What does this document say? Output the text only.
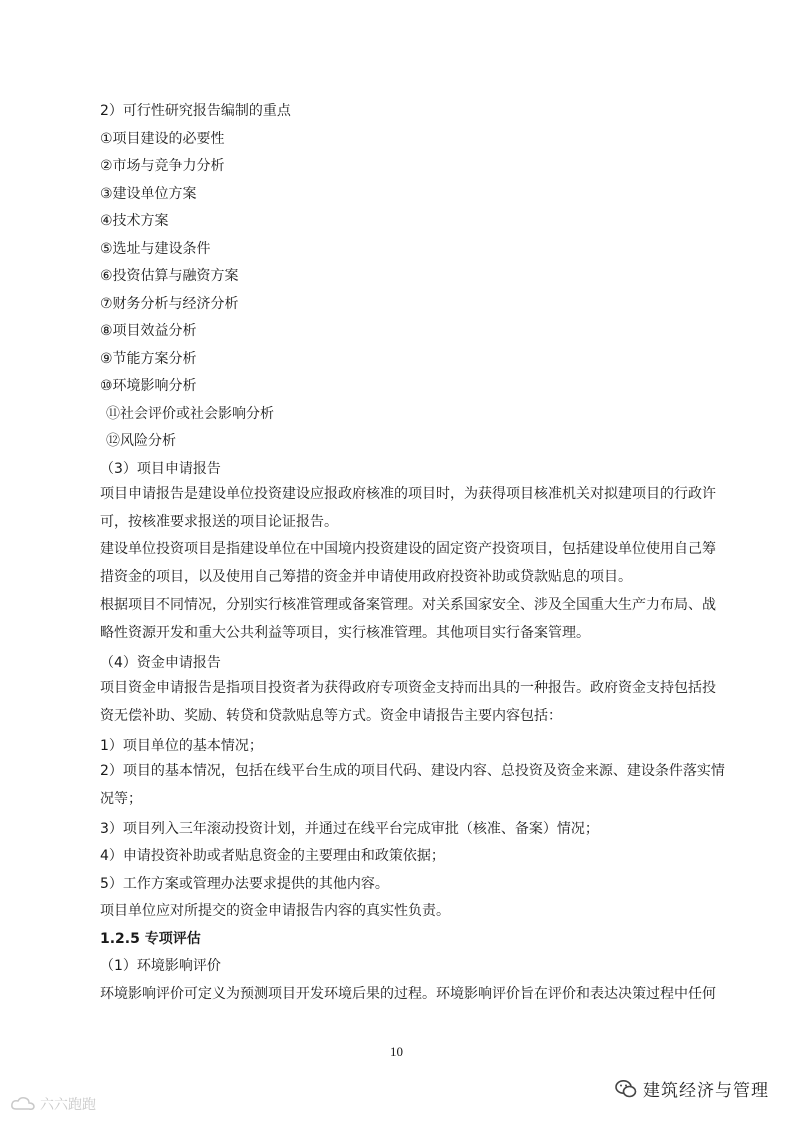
2）可行性研究报告编制的重点

①项目建设的必要性

②市场与竞争力分析

③建设单位方案

④技术方案

⑤选址与建设条件

⑥投资估算与融资方案

⑦财务分析与经济分析

⑧项目效益分析

⑨节能方案分析

⑩环境影响分析

⑪社会评价或社会影响分析

⑫风险分析

（3）项目申请报告

项目申请报告是建设单位投资建设应报政府核准的项目时，为获得项目核准机关对拟建项目的行政许可，按核准要求报送的项目论证报告。

建设单位投资项目是指建设单位在中国境内投资建设的固定资产投资项目，包括建设单位使用自己筹措资金的项目，以及使用自己筹措的资金并申请使用政府投资补助或贷款贴息的项目。

根据项目不同情况，分别实行核准管理或备案管理。对关系国家安全、涉及全国重大生产力布局、战略性资源开发和重大公共利益等项目，实行核准管理。其他项目实行备案管理。

（4）资金申请报告

项目资金申请报告是指项目投资者为获得政府专项资金支持而出具的一种报告。政府资金支持包括投资无偿补助、奖励、转贷和贷款贴息等方式。资金申请报告主要内容包括：

1）项目单位的基本情况；

2）项目的基本情况，包括在线平台生成的项目代码、建设内容、总投资及资金来源、建设条件落实情况等；

3）项目列入三年滚动投资计划，并通过在线平台完成审批（核准、备案）情况；

4）申请投资补助或者贴息资金的主要理由和政策依据；

5）工作方案或管理办法要求提供的其他内容。

项目单位应对所提交的资金申请报告内容的真实性负责。

1.2.5 专项评估

（1）环境影响评价

环境影响评价可定义为预测项目开发环境后果的过程。环境影响评价旨在评价和表达决策过程中任何

10
建筑经济与管理
六六跑跑
